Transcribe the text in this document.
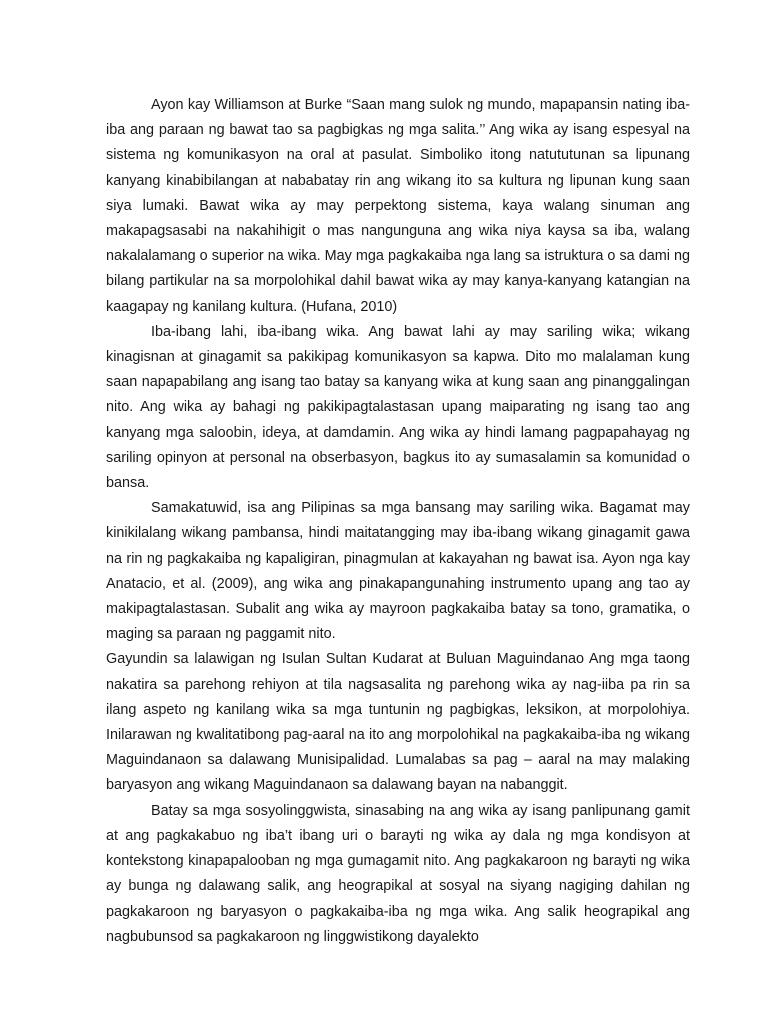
Ayon kay Williamson at Burke “Saan mang sulok ng mundo, mapapansin nating iba-iba ang paraan ng bawat tao sa pagbigkas ng mga salita.’’ Ang wika ay isang espesyal na sistema ng komunikasyon na oral at pasulat. Simboliko itong natututunan sa lipunang kanyang kinabibilangan at nababatay rin ang wikang ito sa kultura ng lipunan kung saan siya lumaki. Bawat wika ay may perpektong sistema, kaya walang sinuman ang makapagsasabi na nakahihigit o mas nangunguna ang wika niya kaysa sa iba, walang nakalalamang o superior na wika. May mga pagkakaiba nga lang sa istruktura o sa dami ng bilang partikular na sa morpolohikal dahil bawat wika ay may kanya-kanyang katangian na kaagapay ng kanilang kultura. (Hufana, 2010)

Iba-ibang lahi, iba-ibang wika. Ang bawat lahi ay may sariling wika; wikang kinagisnan at ginagamit sa pakikipag komunikasyon sa kapwa. Dito mo malalaman kung saan napapabilang ang isang tao batay sa kanyang wika at kung saan ang pinanggalingan nito. Ang wika ay bahagi ng pakikipagtalastasan upang maiparating ng isang tao ang kanyang mga saloobin, ideya, at damdamin. Ang wika ay hindi lamang pagpapahayag ng sariling opinyon at personal na obserbasyon, bagkus ito ay sumasalamin sa komunidad o bansa.

Samakatuwid, isa ang Pilipinas sa mga bansang may sariling wika. Bagamat may kinikilalang wikang pambansa, hindi maitatangging may iba-ibang wikang ginagamit gawa na rin ng pagkakaiba ng kapaligiran, pinagmulan at kakayahan ng bawat isa. Ayon nga kay Anatacio, et al. (2009), ang wika ang pinakapangunahing instrumento upang ang tao ay makipagtalastasan. Subalit ang wika ay mayroon pagkakaiba batay sa tono, gramatika, o maging sa paraan ng paggamit nito.

Gayundin sa lalawigan ng Isulan Sultan Kudarat at Buluan Maguindanao Ang mga taong nakatira sa parehong rehiyon at tila nagsasalita ng parehong wika ay nag-iiba pa rin sa ilang aspeto ng kanilang wika sa mga tuntunin ng pagbigkas, leksikon, at morpolohiya. Inilarawan ng kwalitatibong pag-aaral na ito ang morpolohikal na pagkakaiba-iba ng wikang Maguindanaon sa dalawang Munisipalidad. Lumalabas sa pag – aaral na may malaking baryasyon ang wikang Maguindanaon sa dalawang bayan na nabanggit.

Batay sa mga sosyolinggwista, sinasabing na ang wika ay isang panlipunang gamit at ang pagkakabuo ng iba’t ibang uri o barayti ng wika ay dala ng mga kondisyon at kontekstong kinapapalooban ng mga gumagamit nito. Ang pagkakaroon ng barayti ng wika ay bunga ng dalawang salik, ang heograpikal at sosyal na siyang nagiging dahilan ng pagkakaroon ng baryasyon o pagkakaiba-iba ng mga wika. Ang salik heograpikal ang nagbubunsod sa pagkakaroon ng linggwistikong dayalekto
